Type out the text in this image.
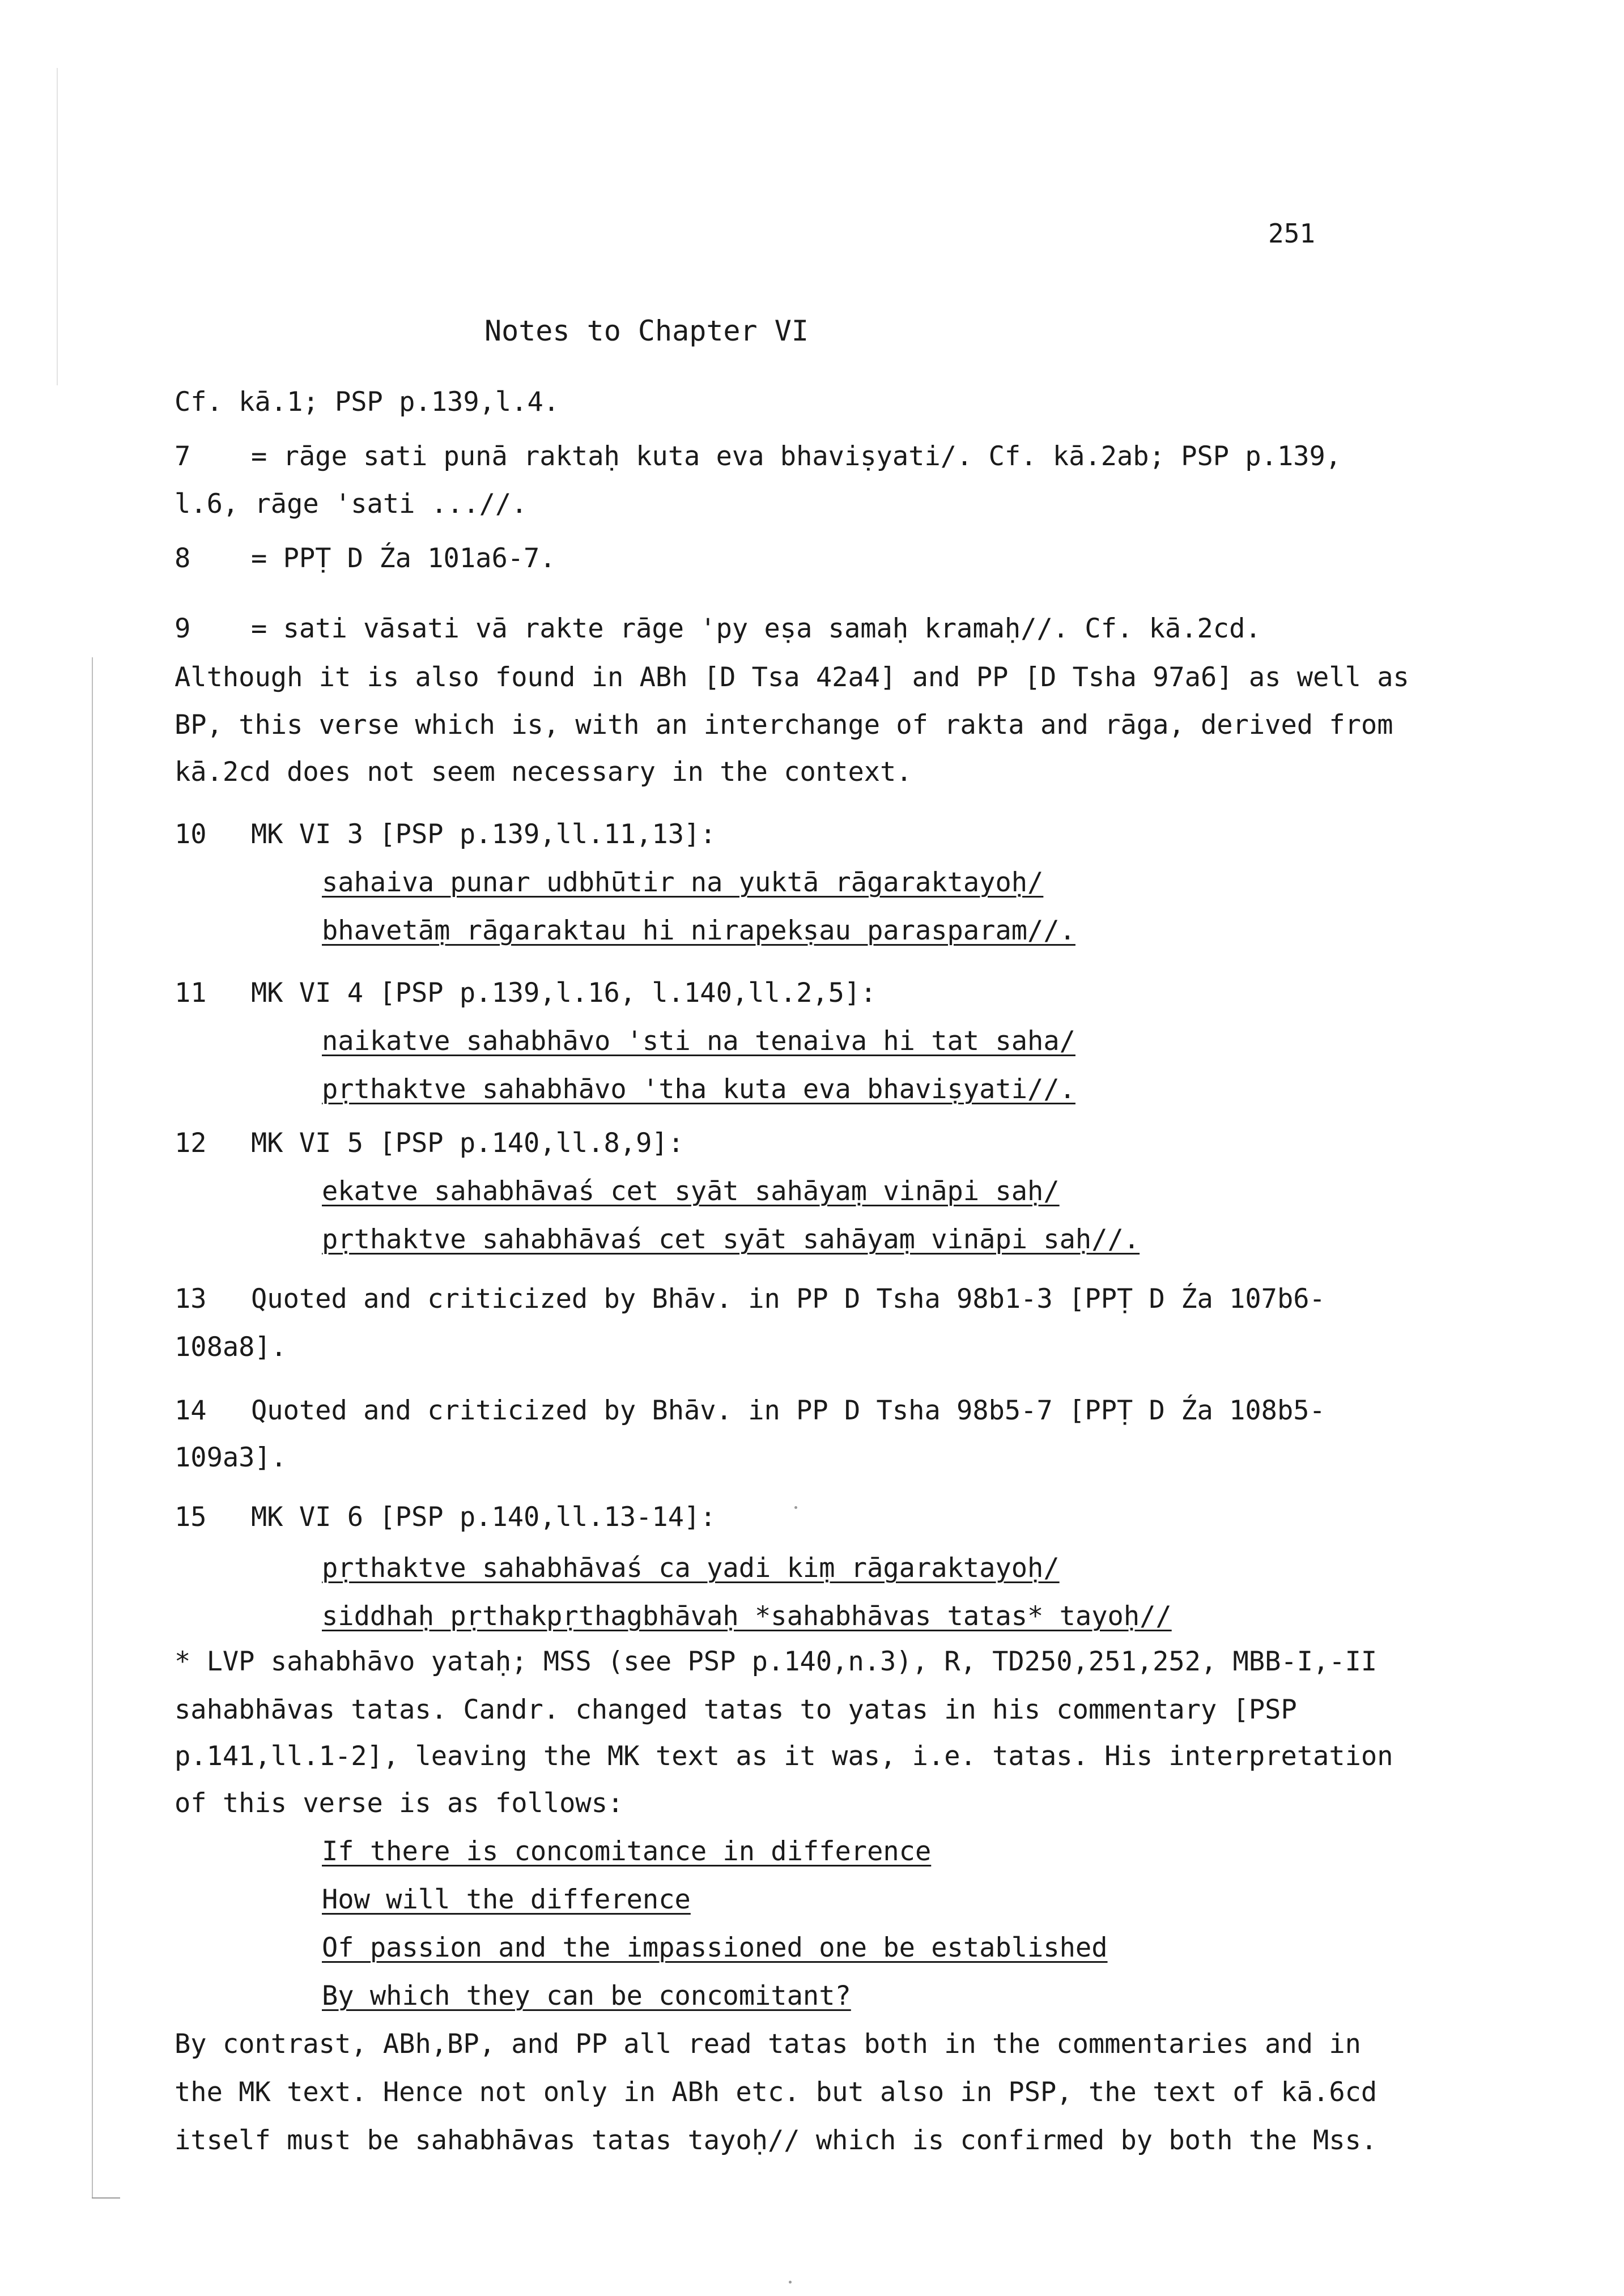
251
Notes to Chapter VI
Cf. kā.1; PSP p.139,l.4.
7 = rāge sati punā raktaḥ kuta eva bhaviṣyati/. Cf. kā.2ab; PSP p.139,
l.6, rāge 'sati ...//.
8 = PPṬ D Źa 101a6-7.
9 = sati vāsati vā rakte rāge 'py eṣa samaḥ kramaḥ//. Cf. kā.2cd.
Although it is also found in ABh [D Tsa 42a4] and PP [D Tsha 97a6] as well as
BP, this verse which is, with an interchange of rakta and rāga, derived from
kā.2cd does not seem necessary in the context.
10 MK VI 3 [PSP p.139,ll.11,13]:
sahaiva punar udbhūtir na yuktā rāgaraktayoḥ/
bhavetāṃ rāgaraktau hi nirapekṣau parasparam//.
11 MK VI 4 [PSP p.139,l.16, l.140,ll.2,5]:
naikatve sahabhāvo 'sti na tenaiva hi tat saha/
pṛthaktve sahabhāvo 'tha kuta eva bhaviṣyati//.
12 MK VI 5 [PSP p.140,ll.8,9]:
ekatve sahabhāvaś cet syāt sahāyaṃ vināpi saḥ/
pṛthaktve sahabhāvaś cet syāt sahāyaṃ vināpi saḥ//.
13 Quoted and criticized by Bhāv. in PP D Tsha 98b1-3 [PPṬ D Źa 107b6-
108a8].
14 Quoted and criticized by Bhāv. in PP D Tsha 98b5-7 [PPṬ D Źa 108b5-
109a3].
15 MK VI 6 [PSP p.140,ll.13-14]:
pṛthaktve sahabhāvaś ca yadi kiṃ rāgaraktayoḥ/
siddhaḥ pṛthakpṛthagbhāvaḥ *sahabhāvas tatas* tayoḥ//
* LVP sahabhāvo yataḥ; MSS (see PSP p.140,n.3), R, TD250,251,252, MBB-I,-II
sahabhāvas tatas. Candr. changed tatas to yatas in his commentary [PSP
p.141,ll.1-2], leaving the MK text as it was, i.e. tatas. His interpretation
of this verse is as follows:
If there is concomitance in difference
How will the difference
Of passion and the impassioned one be established
By which they can be concomitant?
By contrast, ABh,BP, and PP all read tatas both in the commentaries and in
the MK text. Hence not only in ABh etc. but also in PSP, the text of kā.6cd
itself must be sahabhāvas tatas tayoḥ// which is confirmed by both the Mss.
